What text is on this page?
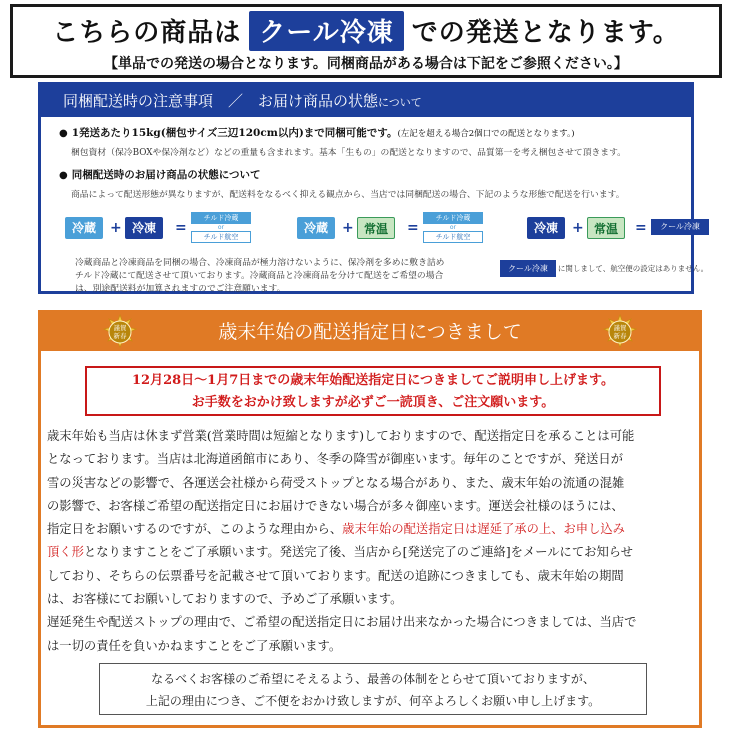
こちらの商品は クール冷凍 での発送となります。
【単品での発送の場合となります。同梱商品がある場合は下記をご参照ください。】
同梱配送時の注意事項　／　お届け商品の状態について
● 1発送あたり15kg(梱包サイズ三辺120cm以内)まで同梱可能です。(左記を超える場合2個口での配送となります。)
梱包資材（保冷BOXや保冷剤など）などの重量も含まれます。基本「生もの」の配送となりますので、品質第一を考え梱包させて頂きます。
● 同梱配送時のお届け商品の状態について
商品によって配送形態が異なりますが、配送料をなるべく抑える観点から、当店では同梱配送の場合、下記のような形態で配送を行います。
冷蔵	+ 冷凍	=
チルド冷蔵
or
チルド航空
冷蔵	+ 常温	=
チルド冷蔵
or
チルド航空
冷凍	+ 常温	=	クール冷凍
冷蔵商品と冷凍商品を同梱の場合、冷凍商品が極力溶けないように、保冷剤を多めに敷き詰め
チルド冷蔵にて配送させて頂いております。冷蔵商品と冷凍商品を分けて配送をご希望の場合
は、別途配送料が加算されますのでご注意願います。
クール冷凍 に関しまして、航空便の設定はありません。
歳末年始の配送指定日につきまして
謹賀
新春
謹賀
新春
12月28日～1月7日までの歳末年始配送指定日につきましてご説明申し上げます。
お手数をおかけ致しますが必ずご一読頂き、ご注文願います。
歳末年始も当店は休まず営業(営業時間は短縮となります)しておりますので、配送指定日を承ることは可能
となっております。当店は北海道函館市にあり、冬季の降雪が御座います。毎年のことですが、発送日が
雪の災害などの影響で、各運送会社様から荷受ストップとなる場合があり、また、歳末年始の流通の混雑
の影響で、お客様ご希望の配送指定日にお届けできない場合が多々御座います。運送会社様のほうには、
指定日をお願いするのですが、このような理由から、歳末年始の配送指定日は遅延了承の上、お申し込み
頂く形となりますことをご了承願います。発送完了後、当店から[発送完了のご連絡]をメールにてお知らせ
しており、そちらの伝票番号を記載させて頂いております。配送の追跡につきましても、歳末年始の期間
は、お客様にてお願いしておりますので、予めご了承願います。
遅延発生や配送ストップの理由で、ご希望の配送指定日にお届け出来なかった場合につきましては、当店で
は一切の責任を負いかねますことをご了承願います。
なるべくお客様のご希望にそえるよう、最善の体制をとらせて頂いておりますが、
上記の理由につき、ご不便をおかけ致しますが、何卒よろしくお願い申し上げます。
